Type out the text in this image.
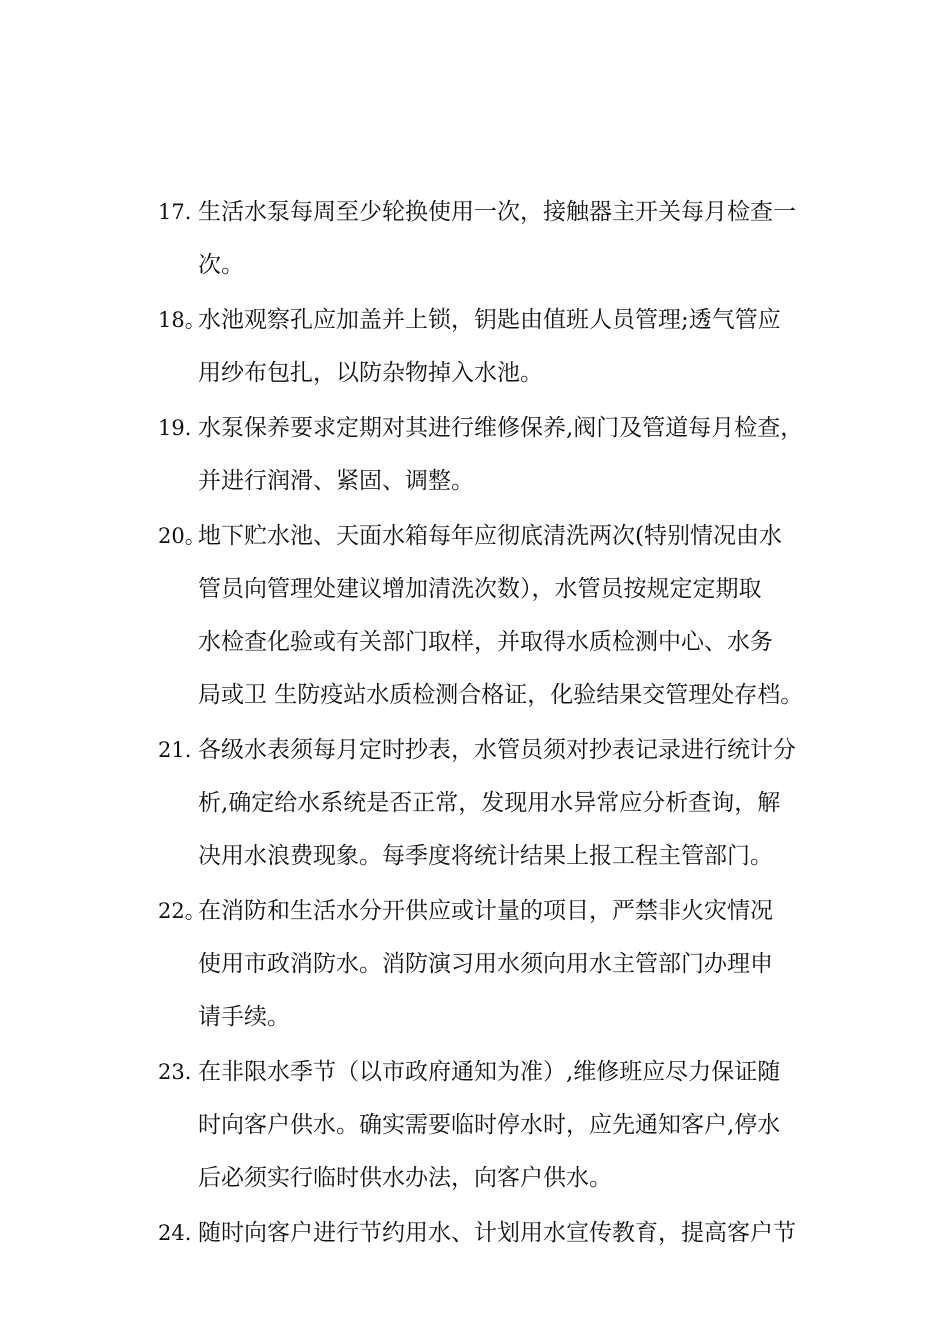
17. 生活水泵每周至少轮换使用一次，接触器主开关每月检查一
次。
18。
水池观察孔应加盖并上锁，钥匙由值班人员管理;透气管应
用纱布包扎，以防杂物掉入水池。
19. 水泵保养要求定期对其进行维修保养,阀门及管道每月检查，
并进行润滑、紧固、调整。
20。
地下贮水池、天面水箱每年应彻底清洗两次(特别情况由水
管员向管理处建议增加清洗次数），水管员按规定定期取
水检查化验或有关部门取样，并取得水质检测中心、水务
局或卫 生防疫站水质检测合格证，化验结果交管理处存档。
21. 各级水表须每月定时抄表，水管员须对抄表记录进行统计分
析,确定给水系统是否正常，发现用水异常应分析查询，解
决用水浪费现象。每季度将统计结果上报工程主管部门。
22。
在消防和生活水分开供应或计量的项目，严禁非火灾情况
使用市政消防水。消防演习用水须向用水主管部门办理申
请手续。
23. 在非限水季节（以市政府通知为准）,维修班应尽力保证随
时向客户供水。确实需要临时停水时，应先通知客户,停水
后必须实行临时供水办法，向客户供水。
24. 随时向客户进行节约用水、计划用水宣传教育，提高客户节
